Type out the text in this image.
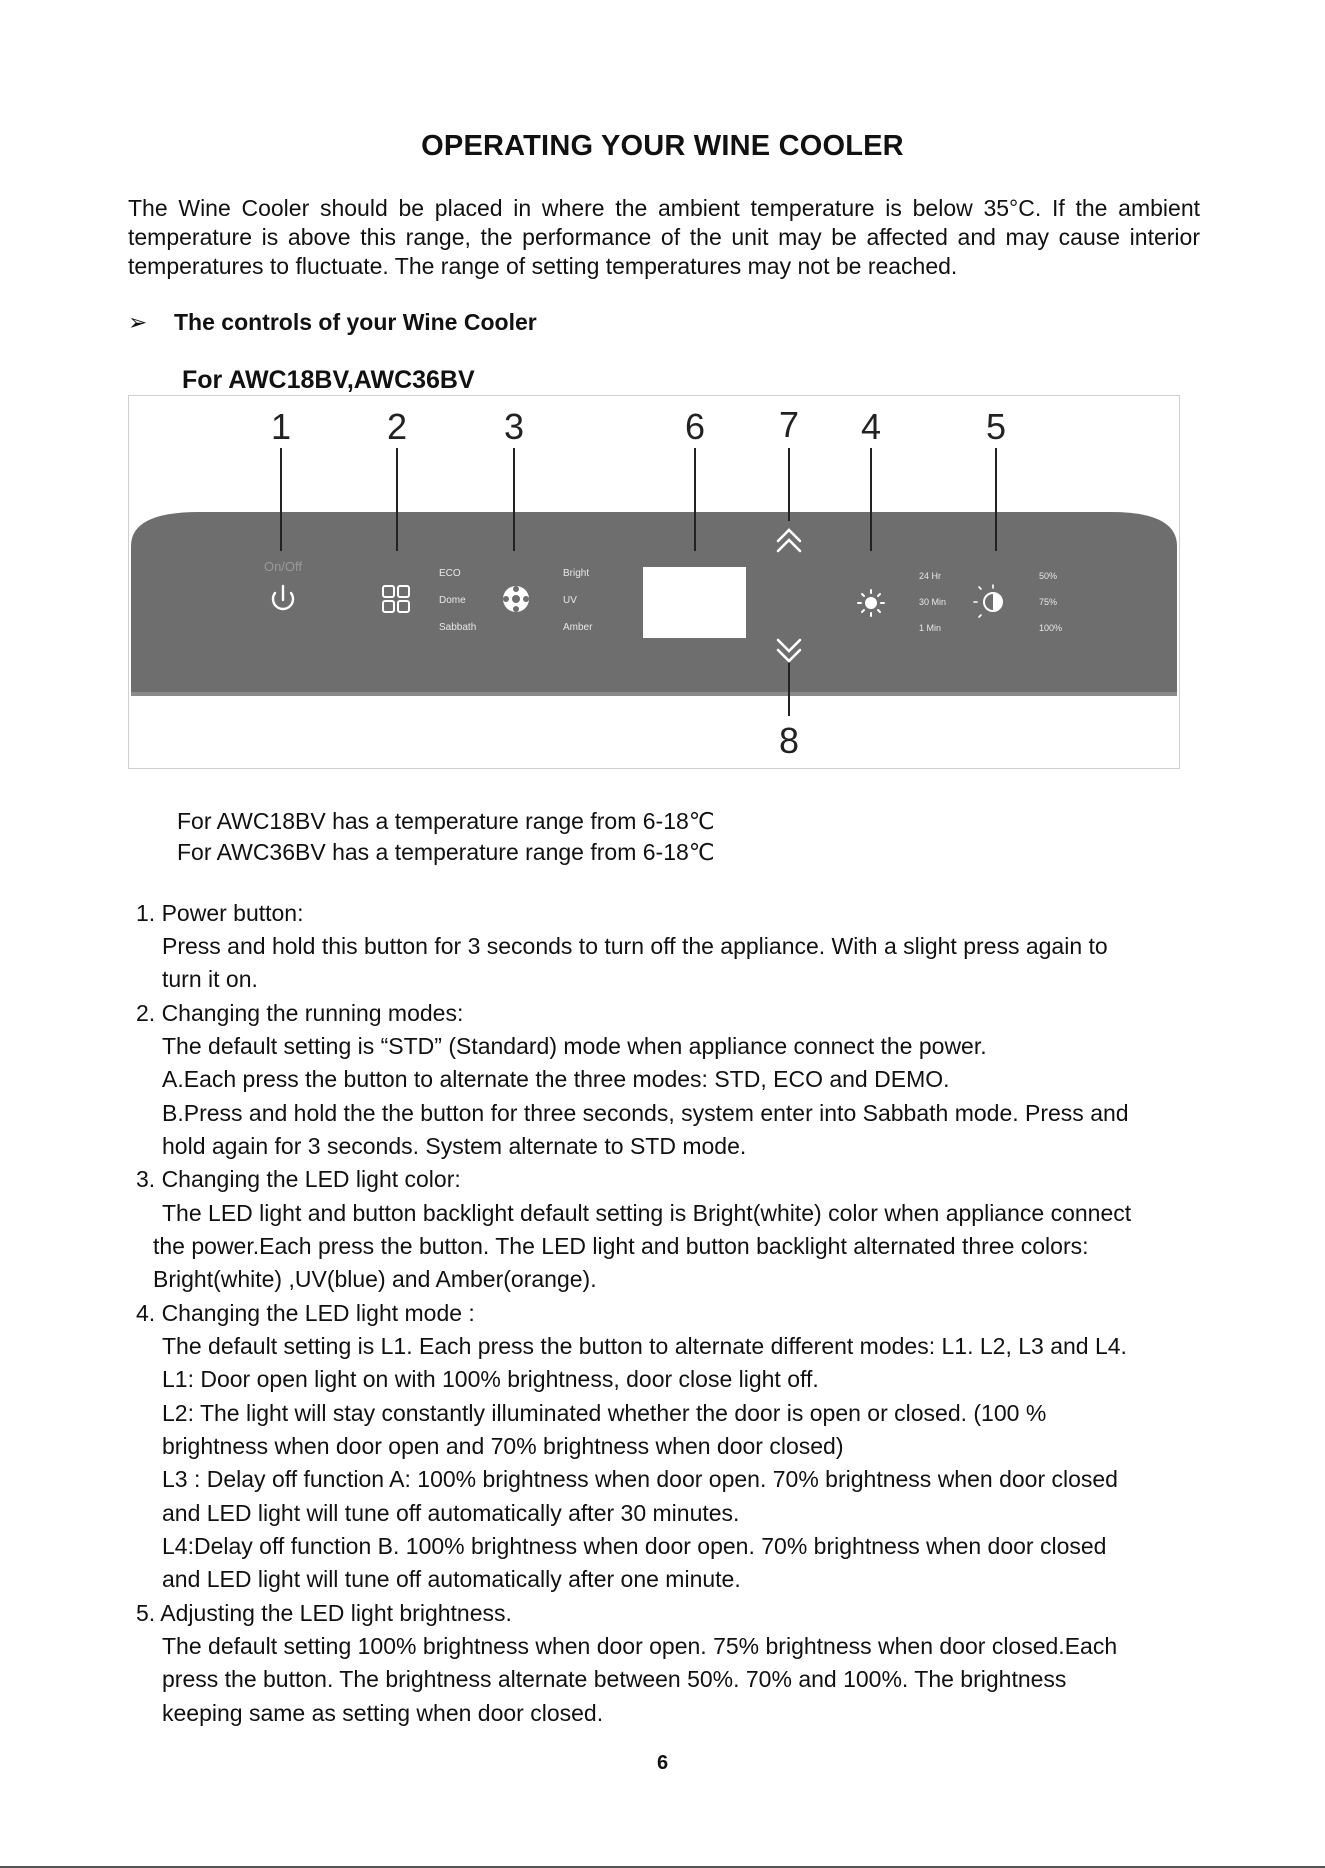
OPERATING YOUR WINE COOLER
The Wine Cooler should be placed in where the ambient temperature is below 35°C. If the ambient temperature is above this range, the performance of the unit may be affected and may cause interior temperatures to fluctuate. The range of setting temperatures may not be reached.
➢ The controls of your Wine Cooler
For AWC18BV,AWC36BV
1	2	3	6 7 4	5
8
On/Off	ECO
Dome
Sabbath
Bright
UV
Amber
24 Hr
30 Min
1 Min
50%
75%
100%
For AWC18BV has a temperature range from 6-18℃
For AWC36BV has a temperature range from 6-18℃
1. Power button:
Press and hold this button for 3 seconds to turn off the appliance. With a slight press again to
turn it on.
2. Changing the running modes:
The default setting is “STD” (Standard) mode when appliance connect the power.
A.Each press the button to alternate the three modes: STD, ECO and DEMO.
B.Press and hold the the button for three seconds, system enter into Sabbath mode. Press and
hold again for 3 seconds. System alternate to STD mode.
3. Changing the LED light color:
The LED light and button backlight default setting is Bright(white) color when appliance connect
the power.Each press the button. The LED light and button backlight alternated three colors:
Bright(white) ,UV(blue) and Amber(orange).
4. Changing the LED light mode :
The default setting is L1. Each press the button to alternate different modes: L1. L2, L3 and L4.
L1: Door open light on with 100% brightness, door close light off.
L2: The light will stay constantly illuminated whether the door is open or closed. (100 %
brightness when door open and 70% brightness when door closed)
L3 : Delay off function A: 100% brightness when door open. 70% brightness when door closed
and LED light will tune off automatically after 30 minutes.
L4:Delay off function B. 100% brightness when door open. 70% brightness when door closed
and LED light will tune off automatically after one minute.
5. Adjusting the LED light brightness.
The default setting 100% brightness when door open. 75% brightness when door closed.Each
press the button. The brightness alternate between 50%. 70% and 100%. The brightness
keeping same as setting when door closed.
6
